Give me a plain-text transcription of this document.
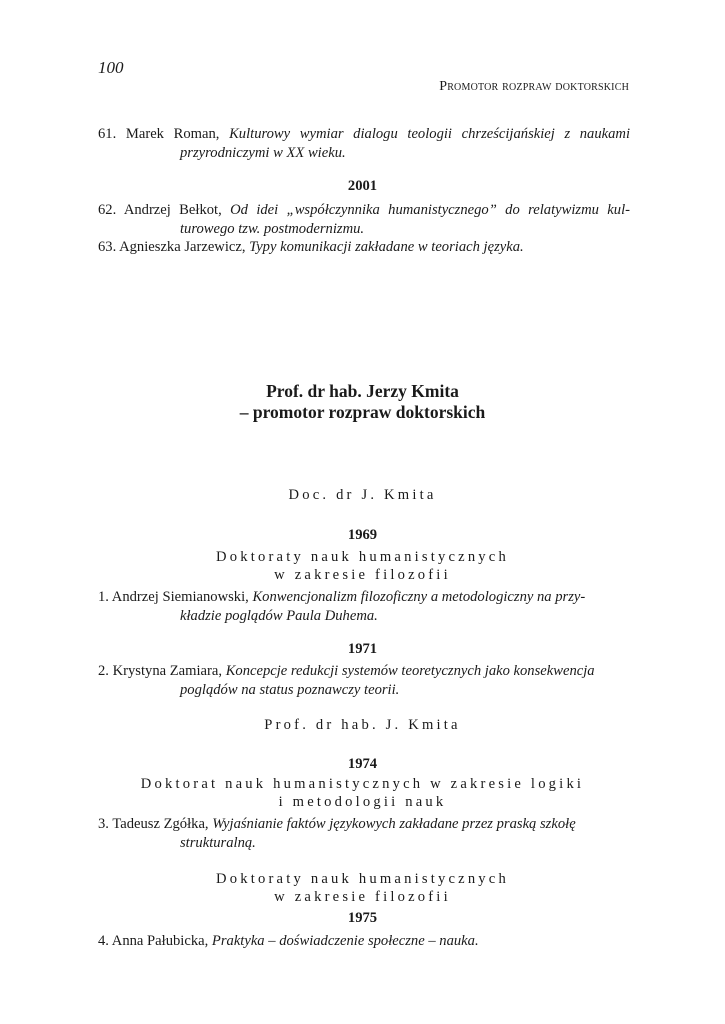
100
Promotor rozpraw doktorskich
61. Marek Roman, Kulturowy wymiar dialogu teologii chrześcijańskiej z naukami
przyrodniczymi w XX wieku.
2001
62. Andrzej Bełkot, Od idei „współczynnika humanistycznego” do relatywizmu kul-
turowego tzw. postmodernizmu.
63. Agnieszka Jarzewicz, Typy komunikacji zakładane w teoriach języka.
Prof. dr hab. Jerzy Kmita
– promotor rozpraw doktorskich
Doc. dr J. Kmita
1969
Doktoraty nauk humanistycznych
w zakresie filozofii
1. Andrzej Siemianowski, Konwencjonalizm filozoficzny a metodologiczny na przy-
kładzie poglądów Paula Duhema.
1971
2. Krystyna Zamiara, Koncepcje redukcji systemów teoretycznych jako konsekwencja
poglądów na status poznawczy teorii.
Prof. dr hab. J. Kmita
1974
Doktorat nauk humanistycznych w zakresie logiki
i metodologii nauk
3. Tadeusz Zgółka, Wyjaśnianie faktów językowych zakładane przez praską szkołę
strukturalną.
Doktoraty nauk humanistycznych
w zakresie filozofii
1975
4. Anna Pałubicka, Praktyka – doświadczenie społeczne – nauka.
